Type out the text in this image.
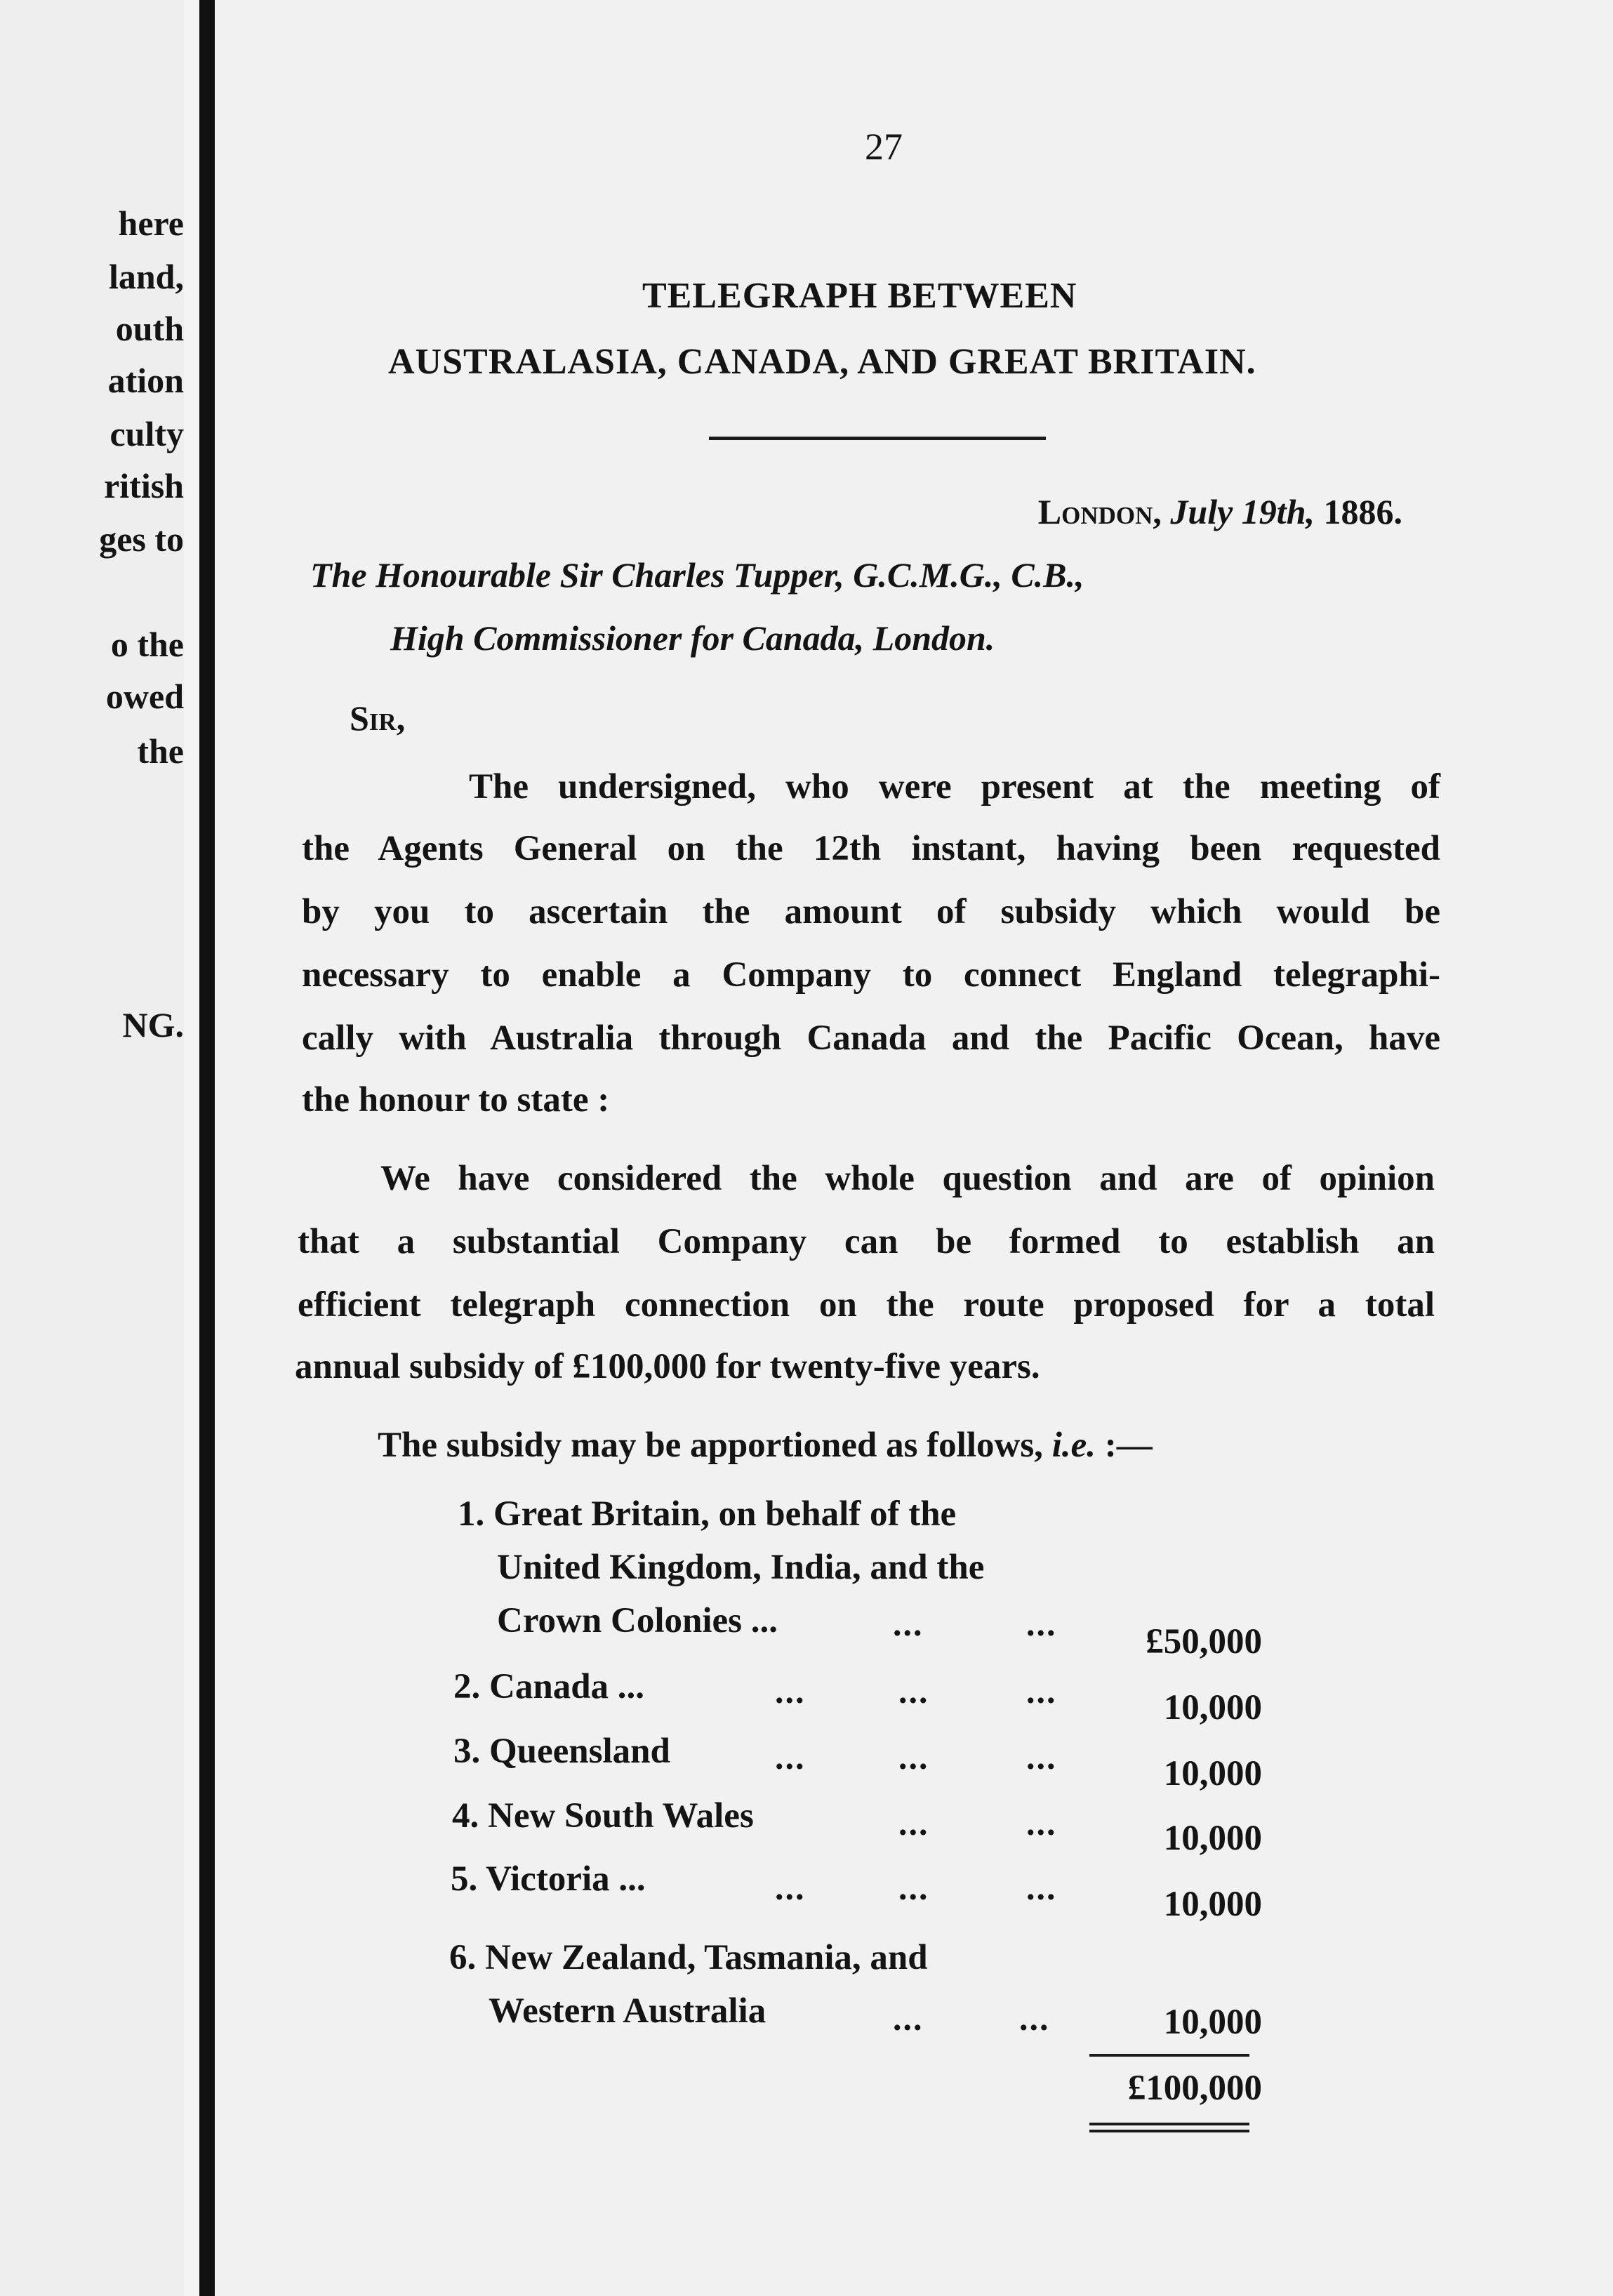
here
land,
outh
ation
culty
ritish
ges to
o the
owed
the
NG.
27
TELEGRAPH BETWEEN
AUSTRALASIA, CANADA, AND GREAT BRITAIN.
London, July 19th, 1886.
The Honourable Sir Charles Tupper, G.C.M.G., C.B.,
High Commissioner for Canada, London.
Sir,
The undersigned, who were present at the meeting of
the Agents General on the 12th instant, having been requested
by you to ascertain the amount of subsidy which would be
necessary to enable a Company to connect England telegraphi-
cally with Australia through Canada and the Pacific Ocean, have
the honour to state :
We have considered the whole question and are of opinion
that a substantial Company can be formed to establish an
efficient telegraph connection on the route proposed for a total
annual subsidy of £100,000 for twenty-five years.
The subsidy may be apportioned as follows, i.e. :—
1. Great Britain, on behalf of the
United Kingdom, India, and the
Crown Colonies ...	...	... £50,000
2. Canada ...	...	...	...	10,000
3. Queensland	...	...	...	10,000
4. New South Wales	...	...	10,000
5. Victoria ...	...	...	...	10,000
6. New Zealand, Tasmania, and
Western Australia	...	...	10,000
£100,000
